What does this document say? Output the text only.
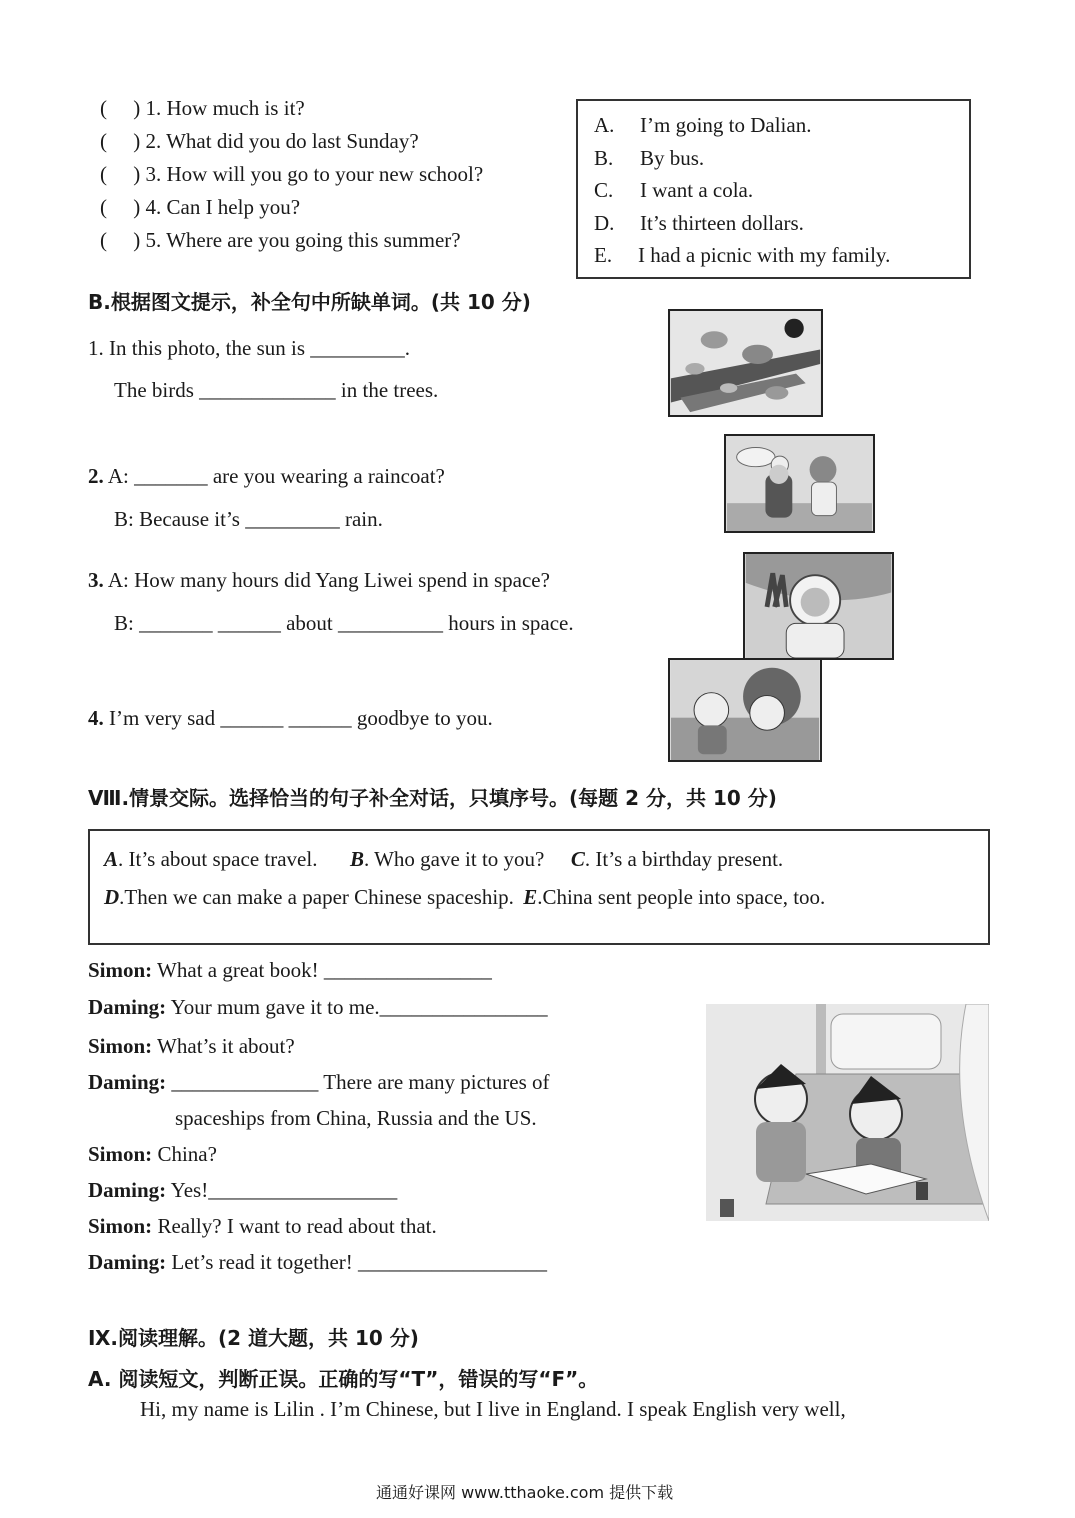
(　 ) 1. How much is it?
(　 ) 2. What did you do last Sunday?
(　 ) 3. How will you go to your new school?
(　 ) 4. Can I help you?
(　 ) 5. Where are you going this summer?
A. I’m going to Dalian.
B. By bus.
C. I want a cola.
D. It’s thirteen dollars.
E. I had a picnic with my family.
B.根据图文提示，补全句中所缺单词。(共 10 分)
1. In this photo, the sun is _________.
The birds _____________ in the trees.
2. A: _______ are you wearing a raincoat?
B: Because it’s _________ rain.
3. A: How many hours did Yang Liwei spend in space?
B: _______ ______ about __________ hours in space.
4. I’m very sad ______ ______ goodbye to you.
Ⅷ.情景交际。选择恰当的句子补全对话，只填序号。(每题 2 分，共 10 分)
A. It’s about space travel. B. Who gave it to you? C. It’s a birthday present.
D.Then we can make a paper Chinese spaceship. E.China sent people into space, too.
Simon: What a great book! ________________
Daming: Your mum gave it to me.________________
Simon: What’s it about?
Daming: ______________ There are many pictures of
spaceships from China, Russia and the US.
Simon: China?
Daming: Yes!__________________
Simon: Really? I want to read about that.
Daming: Let’s read it together! __________________
Ⅸ.阅读理解。(2 道大题，共 10 分)
A. 阅读短文，判断正误。正确的写“T”，错误的写“F”。
Hi, my name is Lilin . I’m Chinese, but I live in England. I speak English very well,
通通好课网 www.tthaoke.com 提供下载
